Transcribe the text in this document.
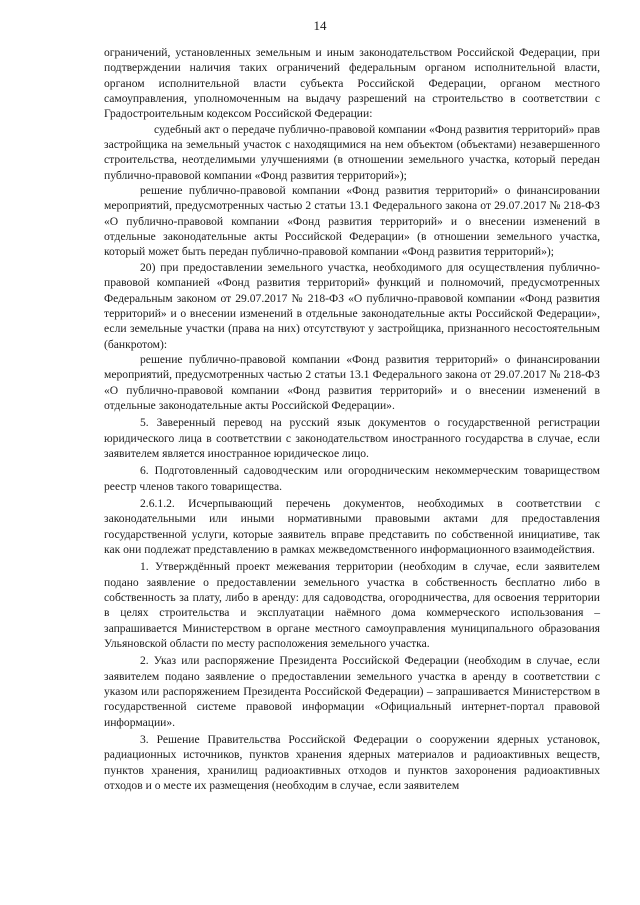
14

ограничений, установленных земельным и иным законодательством Российской Федерации, при подтверждении наличия таких ограничений федеральным органом исполнительной власти, органом исполнительной власти субъекта Российской Федерации, органом местного самоуправления, уполномоченным на выдачу разрешений на строительство в соответствии с Градостроительным кодексом Российской Федерации:

судебный акт о передаче публично-правовой компании «Фонд развития территорий» прав застройщика на земельный участок с находящимися на нем объектом (объектами) незавершенного строительства, неотделимыми улучшениями (в отношении земельного участка, который передан публично-правовой компании «Фонд развития территорий»);

решение публично-правовой компании «Фонд развития территорий» о финансировании мероприятий, предусмотренных частью 2 статьи 13.1 Федерального закона от 29.07.2017 № 218-ФЗ «О публично-правовой компании «Фонд развития территорий» и о внесении изменений в отдельные законодательные акты Российской Федерации» (в отношении земельного участка, который может быть передан публично-правовой компании «Фонд развития территорий»);

20) при предоставлении земельного участка, необходимого для осуществления публично-правовой компанией «Фонд развития территорий» функций и полномочий, предусмотренных Федеральным законом от 29.07.2017 № 218-ФЗ «О публично-правовой компании «Фонд развития территорий» и о внесении изменений в отдельные законодательные акты Российской Федерации», если земельные участки (права на них) отсутствуют у застройщика, признанного несостоятельным (банкротом):

решение публично-правовой компании «Фонд развития территорий» о финансировании мероприятий, предусмотренных частью 2 статьи 13.1 Федерального закона от 29.07.2017 № 218-ФЗ «О публично-правовой компании «Фонд развития территорий» и о внесении изменений в отдельные законодательные акты Российской Федерации».

5. Заверенный перевод на русский язык документов о государственной регистрации юридического лица в соответствии с законодательством иностранного государства в случае, если заявителем является иностранное юридическое лицо.

6. Подготовленный садоводческим или огородническим некоммерческим товариществом реестр членов такого товарищества.

2.6.1.2. Исчерпывающий перечень документов, необходимых в соответствии с законодательными или иными нормативными правовыми актами для предоставления государственной услуги, которые заявитель вправе представить по собственной инициативе, так как они подлежат представлению в рамках межведомственного информационного взаимодействия.

1. Утверждённый проект межевания территории (необходим в случае, если заявителем подано заявление о предоставлении земельного участка в собственность бесплатно либо в собственность за плату, либо в аренду: для садоводства, огородничества, для освоения территории в целях строительства и эксплуатации наёмного дома коммерческого использования – запрашивается Министерством в органе местного самоуправления муниципального образования Ульяновской области по месту расположения земельного участка.

2. Указ или распоряжение Президента Российской Федерации (необходим в случае, если заявителем подано заявление о предоставлении земельного участка в аренду в соответствии с указом или распоряжением Президента Российской Федерации) – запрашивается Министерством в государственной системе правовой информации «Официальный интернет-портал правовой информации».

3. Решение Правительства Российской Федерации о сооружении ядерных установок, радиационных источников, пунктов хранения ядерных материалов и радиоактивных веществ, пунктов хранения, хранилищ радиоактивных отходов и пунктов захоронения радиоактивных отходов и о месте их размещения (необходим в случае, если заявителем
